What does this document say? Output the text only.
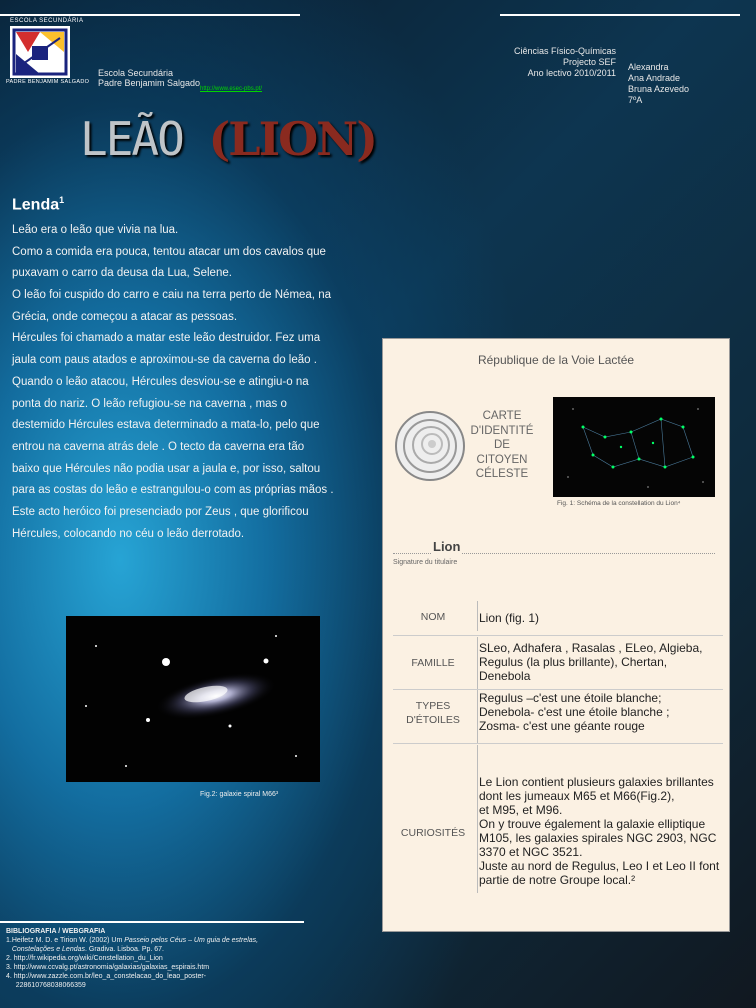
ESCOLA SECUNDÁRIA
PADRE BENJAMIM SALGADO
Escola Secundária
Padre Benjamim Salgado
http://www.esec-pbs.pt/
Ciências Físico-Químicas
Projecto SEF
Ano lectivo 2010/2011
Alexandra
Ana Andrade
Bruna Azevedo
7ºA
LEÃO (LION)
Lenda$^1$
Leão era o leão que vivia na lua.
Como a comida era pouca, tentou atacar um dos cavalos que
puxavam o carro da deusa da Lua, Selene.
O leão foi cuspido do carro e caiu na terra perto de Némea, na
Grécia, onde começou a atacar as pessoas.
Hércules foi chamado a matar este leão destruidor. Fez uma
jaula com paus atados e aproximou-se da caverna do leão .
Quando o leão atacou, Hércules desviou-se e atingiu-o na
ponta do nariz. O leão refugiou-se na caverna , mas o
destemido Hércules estava determinado a mata-lo, pelo que
entrou na caverna atrás dele . O tecto da caverna era tão
baixo que Hércules não podia usar a jaula e, por isso, saltou
para as costas do leão e estrangulou-o com as próprias mãos .
Este acto heróico foi presenciado por Zeus , que glorificou
Hércules, colocando no céu o leão derrotado.
République de la Voie Lactée
CARTE
D'IDENTITÉ
DE
CITOYEN
CÉLESTE
Fig. 1: Schéma de la constellation du Lion⁴
Lion
Signature du titulaire
NOM	Lion (fig. 1)
FAMILLE
SLeo, Adhafera , Rasalas , ELeo, Algieba,
Regulus (la plus brillante), Chertan,
Denebola
TYPES D'ÉTOILES
Regulus –c'est une étoile blanche;
Denebola- c'est une étoile blanche ;
Zosma- c'est une géante rouge
CURIOSITÉS
Le Lion contient plusieurs galaxies brillantes
dont les jumeaux M65 et M66(Fig.2),
et M95, et M96.
On y trouve également la galaxie elliptique
M105, les galaxies spirales NGC 2903, NGC
3370 et NGC 3521.
Juste au nord de Regulus, Leo I et Leo II font
partie de notre Groupe local.²
Fig.2: galaxie spiral M66³
BIBLIOGRAFIA / WEBGRAFIA
1.Heifetz M. D. e Tirion W. (2002) Um Passeio pelos Céus – Um guia de estrelas,
Constelações e Lendas. Gradiva. Lisboa. Pp. 67.
2. http://fr.wikipedia.org/wiki/Constellation_du_Lion
3. http://www.ccvalg.pt/astronomia/galaxias/galaxias_espirais.htm
4. http://www.zazzle.com.br/leo_a_constelacao_do_leao_poster-
228610768038066359
